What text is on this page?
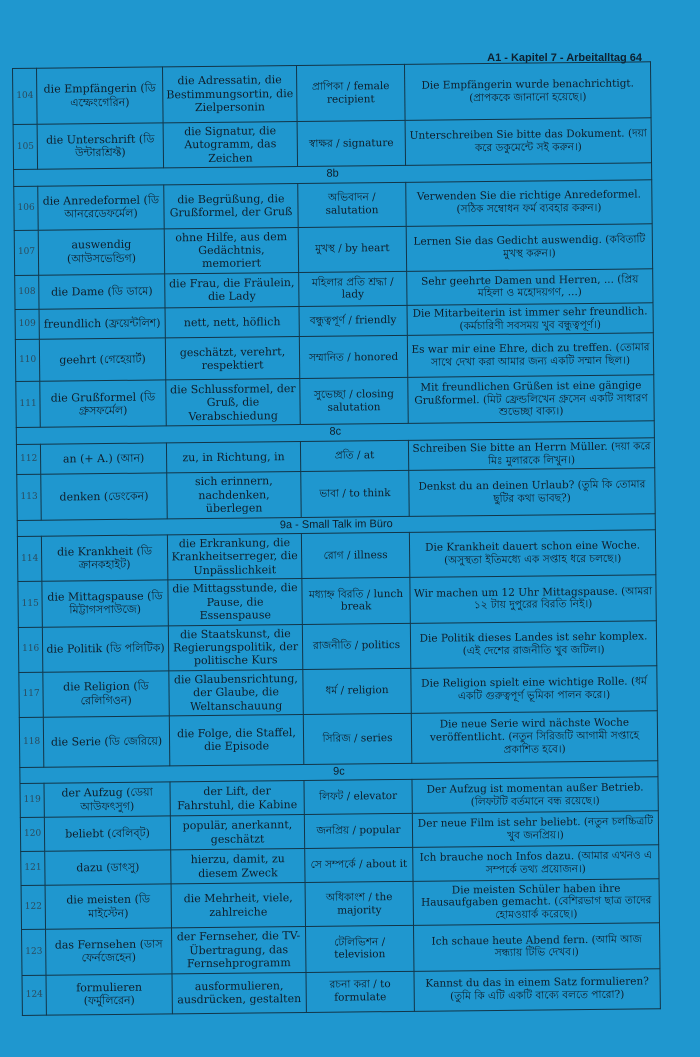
A1 - Kapitel 7 - Arbeitalltag 64
104	die Empfängerin (ডি এম্ফেংগেরিন)	die Adressatin, die Bestimmungsortin, die Zielpersonin	প্রাপিকা / female recipient	Die Empfängerin wurde benachrichtigt. (প্রাপককে জানানো হয়েছে।)
105	die Unterschrift (ডি উন্টারশ্রিফ্ট)	die Signatur, die Autogramm, das Zeichen	স্বাক্ষর / signature	Unterschreiben Sie bitte das Dokument. (দয়া করে ডকুমেন্টে সই করুন।)
8b				
106	die Anredeformel (ডি আনরেডেফর্মেল)	die Begrüßung, die Grußformel, der Gruß	অভিবাদন / salutation	Verwenden Sie die richtige Anredeformel. (সঠিক সম্বোধন ফর্ম ব্যবহার করুন।)
107	auswendig (আউসভেন্ডিগ)	ohne Hilfe, aus dem Gedächtnis, memoriert	মুখস্থ / by heart	Lernen Sie das Gedicht auswendig. (কবিতাটি মুখস্থ করুন।)
108	die Dame (ডি ডামে)	die Frau, die Fräulein, die Lady	মহিলার প্রতি শ্রদ্ধা / lady	Sehr geehrte Damen und Herren, ... (প্রিয় মহিলা ও মহোদয়গণ, ...)
109	freundlich (ফ্রয়েন্টলিশ)	nett, nett, höflich	বন্ধুত্বপূর্ণ / friendly	Die Mitarbeiterin ist immer sehr freundlich. (কর্মচারিণী সবসময় খুব বন্ধুত্বপূর্ণ।)
110	geehrt (গেহেয়ার্ট)	geschätzt, verehrt, respektiert	সম্মানিত / honored	Es war mir eine Ehre, dich zu treffen. (তোমার সাথে দেখা করা আমার জন্য একটি সম্মান ছিল।)
111	die Grußformel (ডি গ্রুসফর্মেল)	die Schlussformel, der Gruß, die Verabschiedung	সুভেচ্ছা / closing salutation	Mit freundlichen Grüßen ist eine gängige Grußformel. (মিট ফ্রেন্ডলিখেন গ্রুসেন একটি সাধারণ শুভেচ্ছা বাক্য।)
8c				
112	an (+ A.) (আন)	zu, in Richtung, in	প্রতি / at	Schreiben Sie bitte an Herrn Müller. (দয়া করে মিঃ মুলারকে লিখুন।)
113	denken (ডেংকেন)	sich erinnern, nachdenken, überlegen	ভাবা / to think	Denkst du an deinen Urlaub? (তুমি কি তোমার ছুটির কথা ভাবছ?)
9a - Small Talk im Büro				
114	die Krankheit (ডি ক্রানকহাইট)	die Erkrankung, die Krankheitserreger, die Unpässlichkeit	রোগ / illness	Die Krankheit dauert schon eine Woche. (অসুস্থতা ইতিমধ্যে এক সপ্তাহ ধরে চলছে।)
115	die Mittagspause (ডি মিট্টাগসপাউজে)	die Mittagsstunde, die Pause, die Essenspause	মধ্যাহ্ন বিরতি / lunch break	Wir machen um 12 Uhr Mittagspause. (আমরা ১২ টায় দুপুরের বিরতি নিই।)
116	die Politik (ডি পলিটিক)	die Staatskunst, die Regierungspolitik, der politische Kurs	রাজনীতি / politics	Die Politik dieses Landes ist sehr komplex. (এই দেশের রাজনীতি খুব জটিল।)
117	die Religion (ডি রেলিগিওন)	die Glaubensrichtung, der Glaube, die Weltanschauung	ধর্ম / religion	Die Religion spielt eine wichtige Rolle. (ধর্ম একটি গুরুত্বপূর্ণ ভূমিকা পালন করে।)
118	die Serie (ডি জেরিয়ে)	die Folge, die Staffel, die Episode	সিরিজ / series	Die neue Serie wird nächste Woche veröffentlicht. (নতুন সিরিজটি আগামী সপ্তাহে প্রকাশিত হবে।)
9c				
119	der Aufzug (ডেয়া আউফৎসুগ)	der Lift, der Fahrstuhl, die Kabine	লিফট / elevator	Der Aufzug ist momentan außer Betrieb. (লিফটটি বর্তমানে বন্ধ রয়েছে।)
120	beliebt (বেলিব্ট)	populär, anerkannt, geschätzt	জনপ্রিয় / popular	Der neue Film ist sehr beliebt. (নতুন চলচ্চিত্রটি খুব জনপ্রিয়।)
121	dazu (ডাৎসু)	hierzu, damit, zu diesem Zweck	সে সম্পর্কে / about it	Ich brauche noch Infos dazu. (আমার এখনও এ সম্পর্কে তথ্য প্রয়োজন।)
122	die meisten (ডি মাইস্টেন)	die Mehrheit, viele, zahlreiche	অধিকাংশ / the majority	Die meisten Schüler haben ihre Hausaufgaben gemacht. (বেশিরভাগ ছাত্র তাদের হোমওয়ার্ক করেছে।)
123	das Fernsehen (ডাস ফের্নজেহেন)	der Fernseher, die TV-Übertragung, das Fernsehprogramm	টেলিভিশন / television	Ich schaue heute Abend fern. (আমি আজ সন্ধ্যায় টিভি দেখব।)
124	formulieren (ফর্মুলিরেন)	ausformulieren, ausdrücken, gestalten	রচনা করা / to formulate	Kannst du das in einem Satz formulieren? (তুমি কি এটি একটি বাক্যে বলতে পারো?)
